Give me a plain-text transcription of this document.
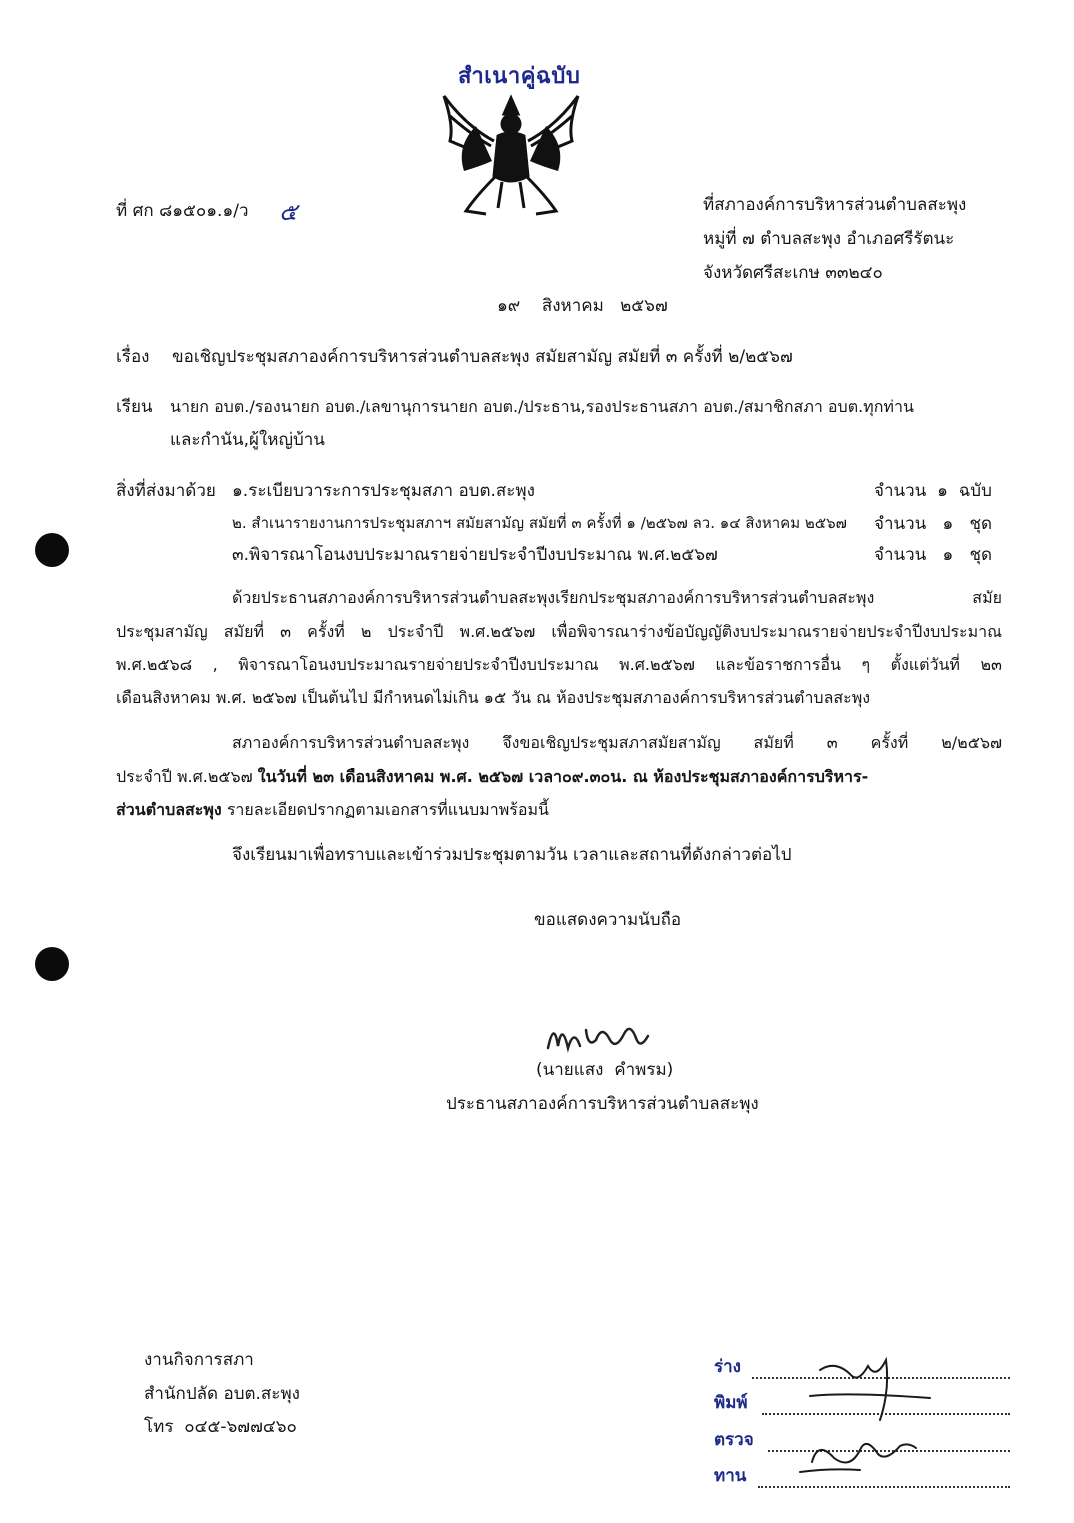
สำเนาคู่ฉบับ
ที่ ศก ๘๑๕๐๑.๑/ว ๕	ที่สภาองค์การบริหารส่วนตำบลสะพุง
หมู่ที่ ๗ ตำบลสะพุง อำเภอศรีรัตนะ
จังหวัดศรีสะเกษ ๓๓๒๔๐
๑๙    สิงหาคม   ๒๕๖๗
เรื่อง ขอเชิญประชุมสภาองค์การบริหารส่วนตำบลสะพุง สมัยสามัญ สมัยที่ ๓ ครั้งที่ ๒/๒๕๖๗
เรียน นายก อบต./รองนายก อบต./เลขานุการนายก อบต./ประธาน,รองประธานสภา อบต./สมาชิกสภา อบต.ทุกท่าน
และกำนัน,ผู้ใหญ่บ้าน
สิ่งที่ส่งมาด้วย ๑.ระเบียบวาระการประชุมสภา อบต.สะพุง	จำนวน  ๑  ฉบับ
๒. สำเนารายงานการประชุมสภาฯ สมัยสามัญ สมัยที่ ๓ ครั้งที่ ๑ /๒๕๖๗ ลว. ๑๔ สิงหาคม ๒๕๖๗ จำนวน   ๑   ชุด
๓.พิจารณาโอนงบประมาณรายจ่ายประจำปีงบประมาณ พ.ศ.๒๕๖๗	จำนวน   ๑   ชุด
ด้วยประธานสภาองค์การบริหารส่วนตำบลสะพุงเรียกประชุมสภาองค์การบริหารส่วนตำบลสะพุง สมัย
ประชุมสามัญ สมัยที่ ๓ ครั้งที่ ๒ ประจำปี พ.ศ.๒๕๖๗ เพื่อพิจารณาร่างข้อบัญญัติงบประมาณรายจ่ายประจำปีงบประมาณ
พ.ศ.๒๕๖๘ , พิจารณาโอนงบประมาณรายจ่ายประจำปีงบประมาณ พ.ศ.๒๕๖๗ และข้อราชการอื่น ๆ ตั้งแต่วันที่ ๒๓
เดือนสิงหาคม พ.ศ. ๒๕๖๗ เป็นต้นไป มีกำหนดไม่เกิน ๑๕ วัน ณ ห้องประชุมสภาองค์การบริหารส่วนตำบลสะพุง
สภาองค์การบริหารส่วนตำบลสะพุง จึงขอเชิญประชุมสภาสมัยสามัญ สมัยที่ ๓ ครั้งที่ ๒/๒๕๖๗
ประจำปี พ.ศ.๒๕๖๗ ในวันที่ ๒๓ เดือนสิงหาคม พ.ศ. ๒๕๖๗ เวลา๐๙.๓๐น. ณ ห้องประชุมสภาองค์การบริหาร-
ส่วนตำบลสะพุง รายละเอียดปรากฏตามเอกสารที่แนบมาพร้อมนี้
จึงเรียนมาเพื่อทราบและเข้าร่วมประชุมตามวัน เวลาและสถานที่ดังกล่าวต่อไป
ขอแสดงความนับถือ
(นายแสง  คำพรม)
ประธานสภาองค์การบริหารส่วนตำบลสะพุง
งานกิจการสภา
สำนักปลัด อบต.สะพุง
โทร  ๐๔๕-๖๗๗๔๖๐
ร่าง
พิมพ์
ตรวจ
ทาน
